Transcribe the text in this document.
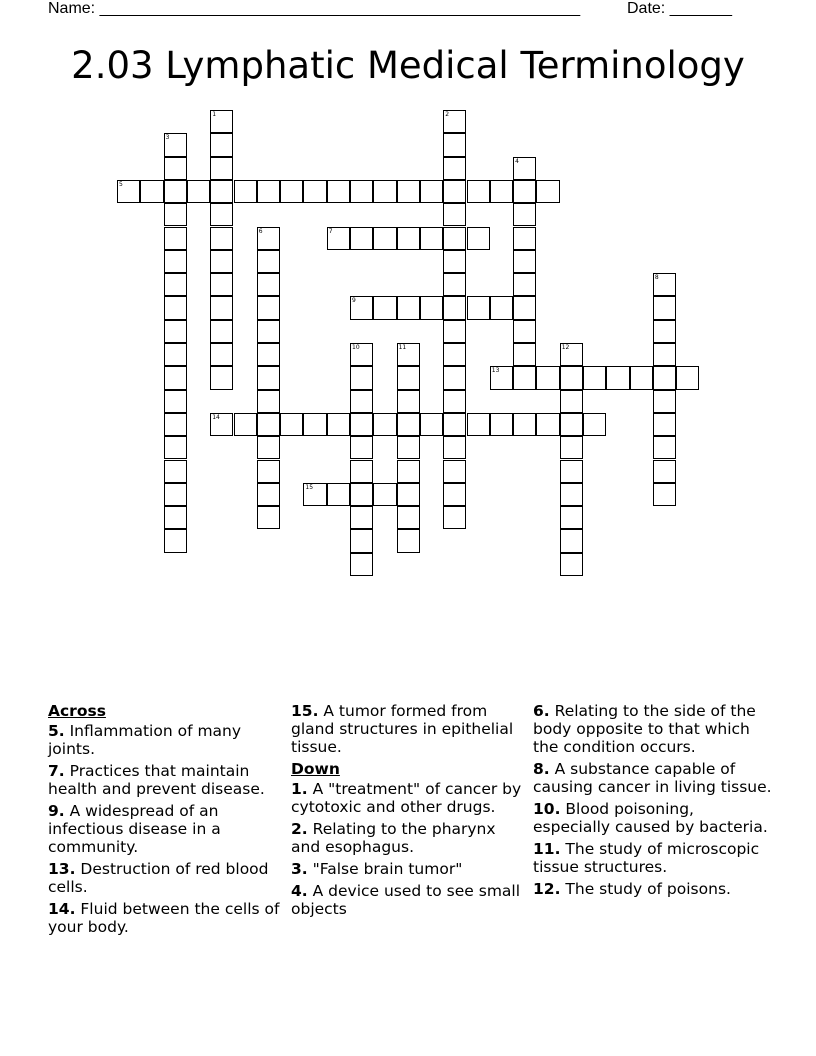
Name: ______________________________________________________	Date: _______
2.03 Lymphatic Medical Terminology
1	2
3
4
5
6	7
8
9
10	11	12
13
14
15
Across
5. Inflammation of many joints.
7. Practices that maintain health and prevent disease.
9. A widespread of an infectious disease in a community.
13. Destruction of red blood cells.
14. Fluid between the cells of your body.
15. A tumor formed from gland structures in epithelial tissue.
Down
1. A "treatment" of cancer by cytotoxic and other drugs.
2. Relating to the pharynx and esophagus.
3. "False brain tumor"
4. A device used to see small objects
6. Relating to the side of the body opposite to that which the condition occurs.
8. A substance capable of causing cancer in living tissue.
10. Blood poisoning, especially caused by bacteria.
11. The study of microscopic tissue structures.
12. The study of poisons.
